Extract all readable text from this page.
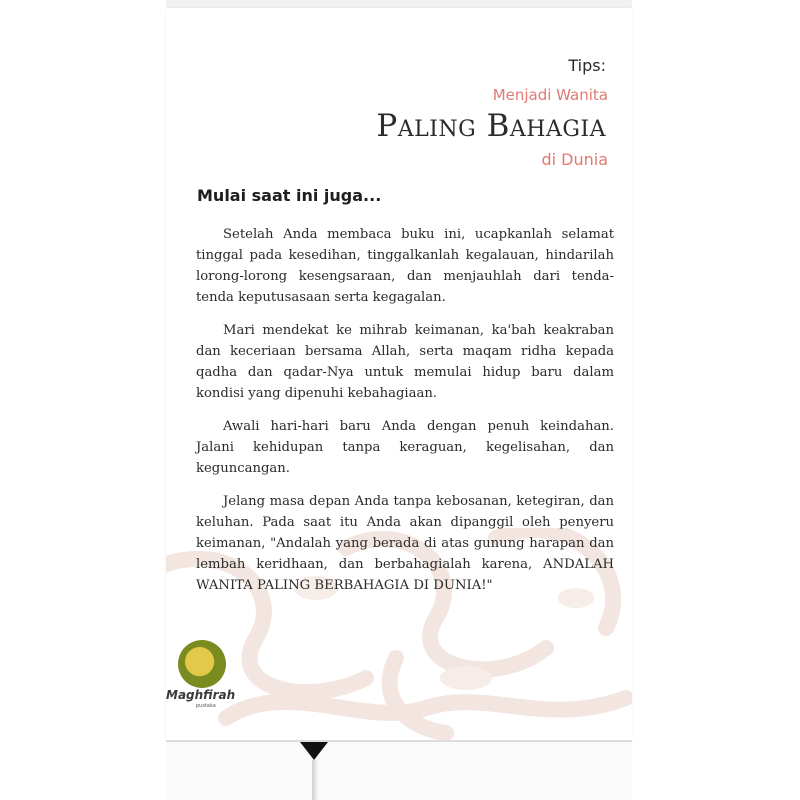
Tips:
Menjadi Wanita
Paling Bahagia
di Dunia
Mulai saat ini juga...

Setelah Anda membaca buku ini, ucapkanlah selamat tinggal pada kesedihan, tinggalkanlah kegalauan, hindarilah lorong-lorong kesengsaraan, dan menjauhlah dari tenda-tenda keputusasaan serta kegagalan.

Mari mendekat ke mihrab keimanan, ka'bah keakraban dan keceriaan bersama Allah, serta maqam ridha kepada qadha dan qadar-Nya untuk memulai hidup baru dalam kondisi yang dipenuhi kebahagiaan.

Awali hari-hari baru Anda dengan penuh keindahan. Jalani kehidupan tanpa keraguan, kegelisahan, dan keguncangan.

Jelang masa depan Anda tanpa kebosanan, ketegiran, dan keluhan. Pada saat itu Anda akan dipanggil oleh penyeru keimanan, "Andalah yang berada di atas gunung harapan dan lembah keridhaan, dan berbahagialah karena, ANDALAH WANITA PALING BERBAHAGIA DI DUNIA!"

Maghfirah
pustaka
